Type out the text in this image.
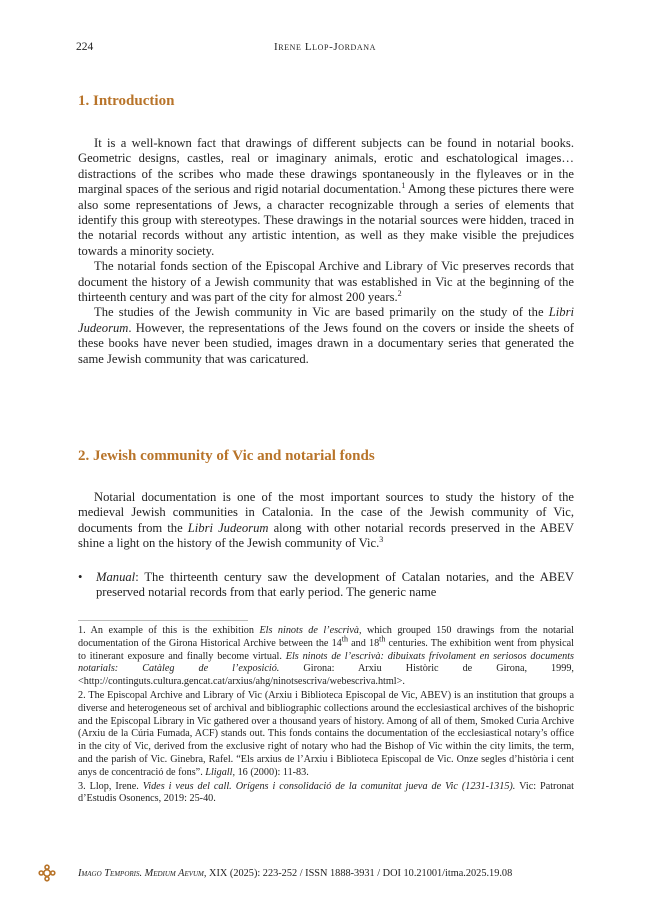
224	Irene Llop-Jordana
1. Introduction

It is a well-known fact that drawings of different subjects can be found in notarial books. Geometric designs, castles, real or imaginary animals, erotic and eschatological images… distractions of the scribes who made these drawings spontaneously in the flyleaves or in the marginal spaces of the serious and rigid notarial documentation.$^1$ Among these pictures there were also some representations of Jews, a character recognizable through a series of elements that identify this group with stereotypes. These drawings in the notarial sources were hidden, traced in the notarial records without any artistic intention, as well as they make visible the prejudices towards a minority society.

The notarial fonds section of the Episcopal Archive and Library of Vic preserves records that document the history of a Jewish community that was established in Vic at the beginning of the thirteenth century and was part of the city for almost 200 years.$^2$

The studies of the Jewish community in Vic are based primarily on the study of the Libri Judeorum. However, the representations of the Jews found on the covers or inside the sheets of these books have never been studied, images drawn in a documentary series that generated the same Jewish community that was caricatured.

2. Jewish community of Vic and notarial fonds

Notarial documentation is one of the most important sources to study the history of the medieval Jewish communities in Catalonia. In the case of the Jewish community of Vic, documents from the Libri Judeorum along with other notarial records preserved in the ABEV shine a light on the history of the Jewish community of Vic.$^3$

• Manual: The thirteenth century saw the development of Catalan notaries, and the ABEV preserved notarial records from that early period. The generic name

1. An example of this is the exhibition Els ninots de l’escrivà, which grouped 150 drawings from the notarial documentation of the Girona Historical Archive between the 14th and 18th centuries. The exhibition went from physical to itinerant exposure and finally become virtual. Els ninots de l’escrivà: dibuixats frívolament en seriosos documents notarials: Catàleg de l’exposició. Girona: Arxiu Històric de Girona, 1999, <http://continguts.cultura.gencat.cat/arxius/ahg/ninotsescriva/webescriva.html>.

2. The Episcopal Archive and Library of Vic (Arxiu i Biblioteca Episcopal de Vic, ABEV) is an institution that groups a diverse and heterogeneous set of archival and bibliographic collections around the ecclesiastical archives of the bishopric and the Episcopal Library in Vic gathered over a thousand years of history. Among of all of them, Smoked Curia Archive (Arxiu de la Cúria Fumada, ACF) stands out. This fonds contains the documentation of the ecclesiastical notary’s office in the city of Vic, derived from the exclusive right of notary who had the Bishop of Vic within the city limits, the term, and the parish of Vic. Ginebra, Rafel. “Els arxius de l’Arxiu i Biblioteca Episcopal de Vic. Onze segles d’història i cent anys de concentració de fons”. Lligall, 16 (2000): 11-83.

3. Llop, Irene. Vides i veus del call. Orígens i consolidació de la comunitat jueva de Vic (1231-1315). Vic: Patronat d’Estudis Osonencs, 2019: 25-40.

Imago Temporis. Medium Aevum, XIX (2025): 223-252 / ISSN 1888-3931 / DOI 10.21001/itma.2025.19.08
